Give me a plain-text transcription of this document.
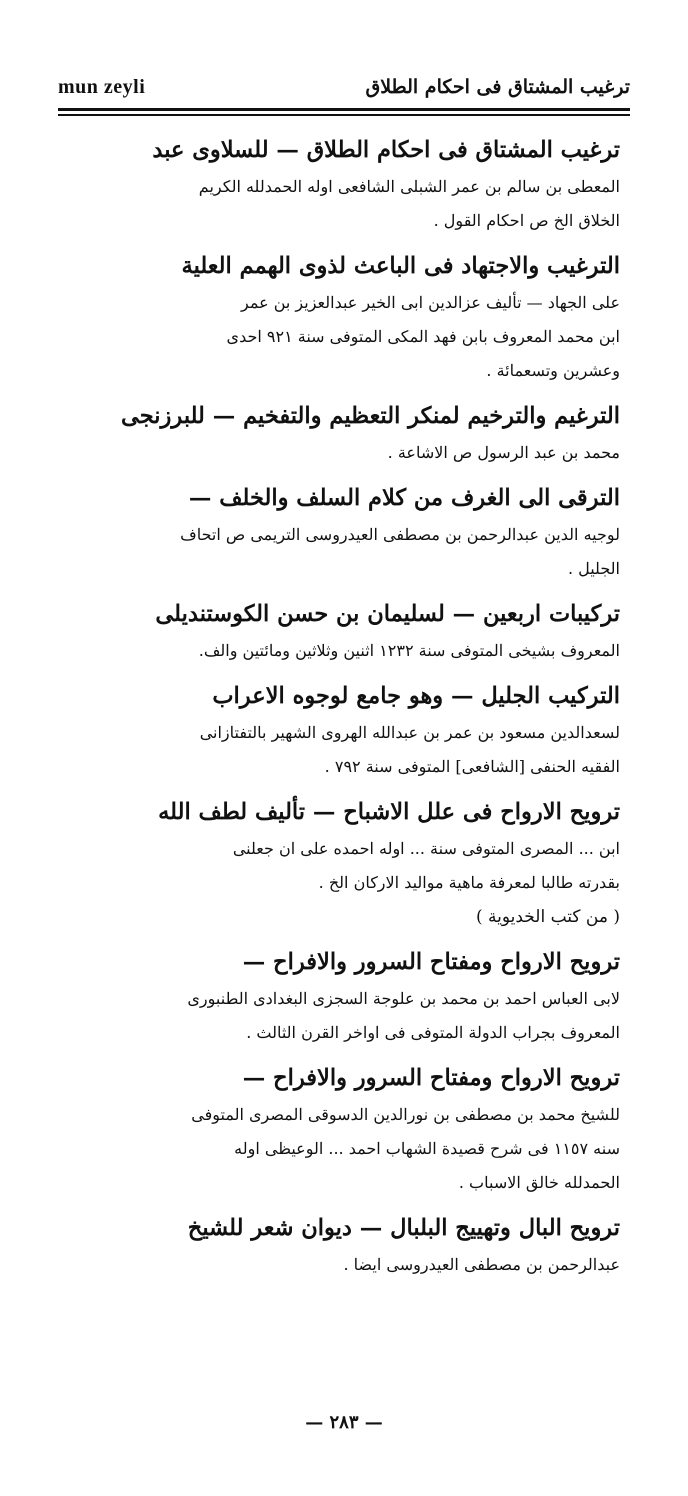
mun zeyli	ترغيب المشتاق فى احكام الطلاق

ترغيب المشتاق فى احكام الطلاق — للسلاوى عبد

المعطى بن سالم بن عمر الشبلى الشافعى اوله الحمدلله الكريم

الخلاق الخ ص احكام القول .

الترغيب والاجتهاد فى الباعث لذوى الهمم العلية

على الجهاد — تأليف عزالدين ابى الخير عبدالعزيز بن عمر

ابن محمد المعروف بابن فهد المكى المتوفى سنة ٩٢١ احدى

وعشرين وتسعمائة .

الترغيم والترخيم لمنكر التعظيم والتفخيم — للبرزنجى

محمد بن عبد الرسول ص الاشاعة .

الترقى الى الغرف من كلام السلف والخلف —

لوجيه الدين عبدالرحمن بن مصطفى العيدروسى التريمى ص اتحاف

الجليل .

تركيبات اربعين — لسليمان بن حسن الكوستنديلى

المعروف بشيخى المتوفى سنة ١٢٣٢ اثنين وثلاثين ومائتين والف.

التركيب الجليل — وهو جامع لوجوه الاعراب

لسعدالدين مسعود بن عمر بن عبدالله الهروى الشهير بالتفتازانى

الفقيه الحنفى [الشافعى] المتوفى سنة ٧٩٢ .

ترويح الارواح فى علل الاشباح — تأليف لطف الله

ابن ... المصرى المتوفى سنة ... اوله احمده على ان جعلنى

بقدرته طالبا لمعرفة ماهية مواليد الاركان الخ .

( من كتب الخديوية )

ترويح الارواح ومفتاح السرور والافراح —

لابى العباس احمد بن محمد بن علوجة السجزى البغدادى الطنبورى

المعروف بجراب الدولة المتوفى فى اواخر القرن الثالث .

ترويح الارواح ومفتاح السرور والافراح —

للشيخ محمد بن مصطفى بن نورالدين الدسوقى المصرى المتوفى

سنه ١١٥٧ فى شرح قصيدة الشهاب احمد ... الوعيظى اوله

الحمدلله خالق الاسباب .

ترويح البال وتهييج البلبال — ديوان شعر للشيخ

عبدالرحمن بن مصطفى العيدروسى ايضا .

— ٢٨٣ —
